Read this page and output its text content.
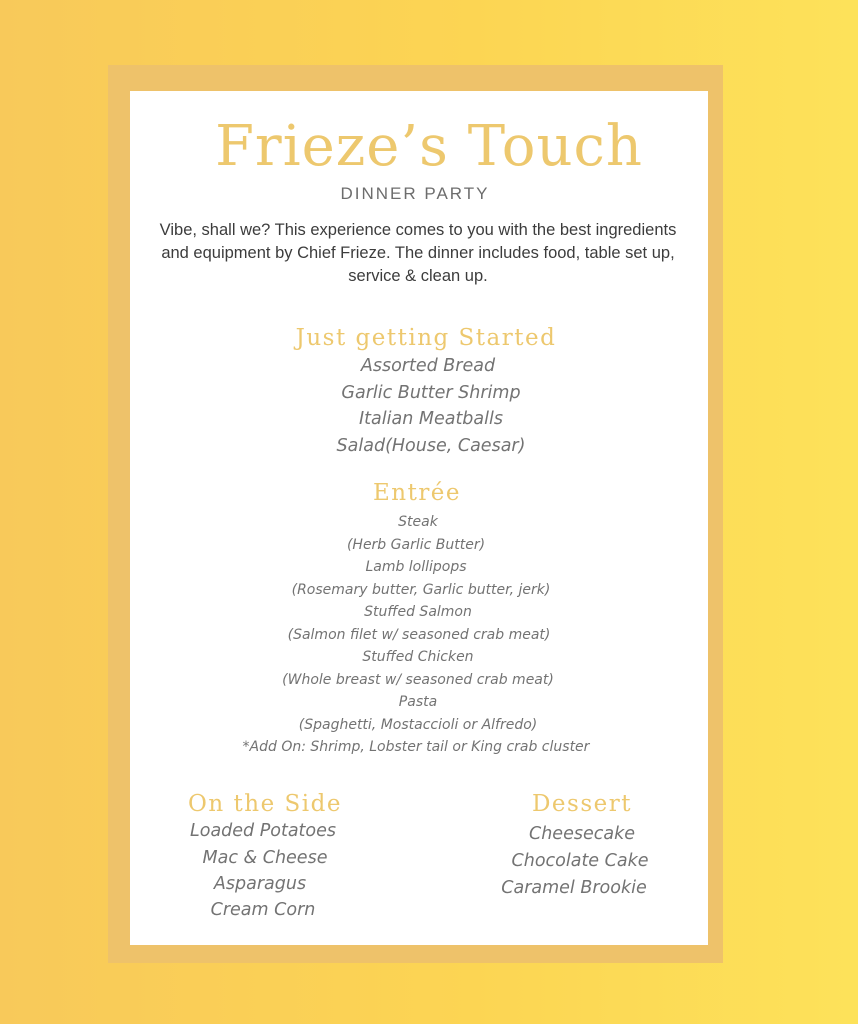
Frieze’s Touch
DINNER PARTY
Vibe, shall we? This experience comes to you with the best ingredients and equipment by Chief Frieze. The dinner includes food, table set up, service & clean up.
Just getting Started
Assorted Bread
Garlic Butter Shrimp
Italian Meatballs
Salad(House, Caesar)
Entrée
Steak
(Herb Garlic Butter)
Lamb lollipops
(Rosemary butter, Garlic butter, jerk)
Stuffed Salmon
(Salmon filet w/ seasoned crab meat)
Stuffed Chicken
(Whole breast w/ seasoned crab meat)
Pasta
(Spaghetti, Mostaccioli or Alfredo)
*Add On: Shrimp, Lobster tail or King crab cluster
On the Side
Loaded Potatoes
Mac & Cheese
Asparagus
Cream Corn
Dessert
Cheesecake
Chocolate Cake
Caramel Brookie
